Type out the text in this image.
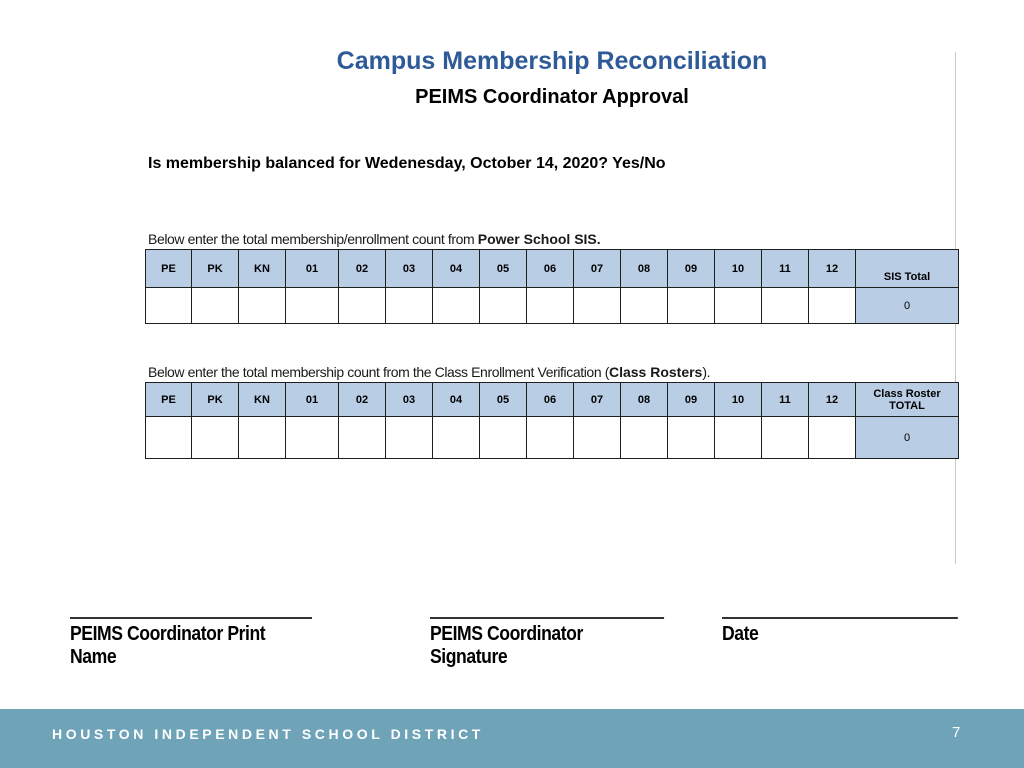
Campus Membership Reconciliation
PEIMS Coordinator Approval
Is membership balanced for Wedenesday, October 14, 2020? Yes/No
Below enter the total membership/enrollment count from Power School SIS.
PE	PK	KN	01	02	03	04	05	06	07	08	09	10	11	12	SIS Total
															0
Below enter the total membership count from the Class Enrollment Verification (Class Rosters).
PE	PK	KN	01	02	03	04	05	06	07	08	09	10	11	12	Class Roster TOTAL
															0
PEIMS Coordinator Print Name
PEIMS Coordinator Signature
Date
HOUSTON INDEPENDENT SCHOOL DISTRICT	7
